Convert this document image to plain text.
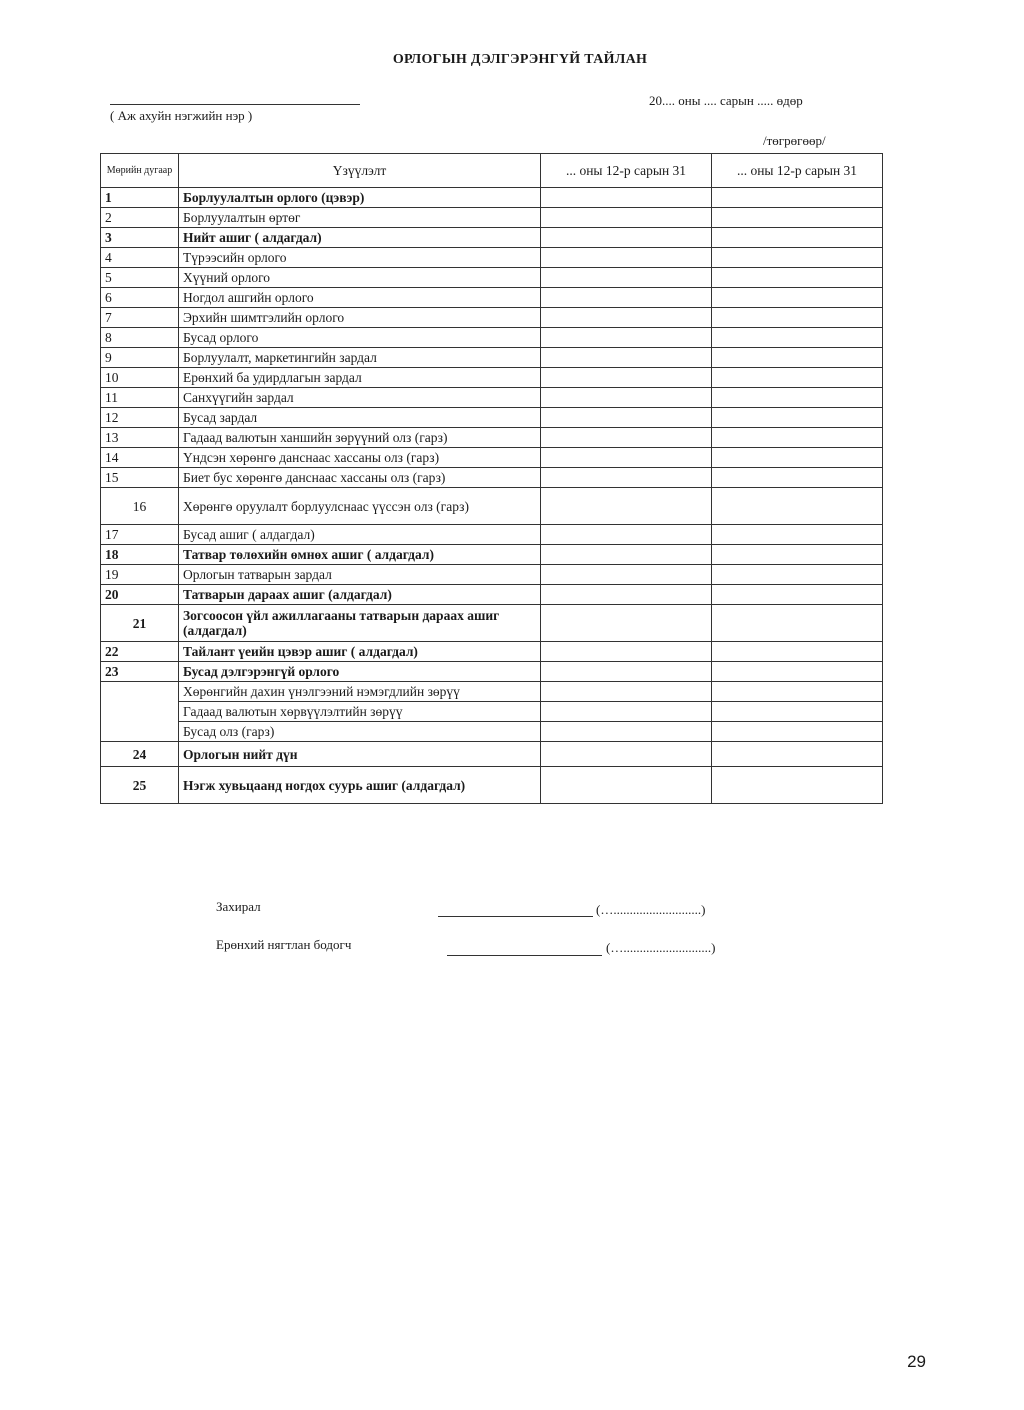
ОРЛОГЫН ДЭЛГЭРЭНГҮЙ ТАЙЛАН
( Аж ахуйн нэгжийн нэр )
20.... оны .... сарын ..... өдөр
/төгрөгөөр/
Мөрийн дугаар	Үзүүлэлт	... оны 12-р сарын 31	... оны 12-р сарын 31
1	Борлуулалтын орлого (цэвэр)		
2	Борлуулалтын өртөг		
3	Нийт ашиг ( алдагдал)		
4	Түрээсийн орлого		
5	Хүүний орлого		
6	Ногдол ашгийн орлого		
7	Эрхийн шимтгэлийн орлого		
8	Бусад орлого		
9	Борлуулалт, маркетингийн зардал		
10	Ерөнхий ба удирдлагын зардал		
11	Санхүүгийн зардал		
12	Бусад зардал		
13	Гадаад валютын ханшийн зөрүүний олз (гарз)		
14	Үндсэн хөрөнгө данснаас хассаны олз (гарз)		
15	Биет бус хөрөнгө данснаас хассаны олз (гарз)		
16	Хөрөнгө оруулалт борлуулснаас үүссэн олз (гарз)		
17	Бусад ашиг ( алдагдал)		
18	Татвар төлөхийн өмнөх ашиг ( алдагдал)		
19	Орлогын татварын зардал		
20	Татварын дараах ашиг (алдагдал)		
21	Зогсоосон үйл ажиллагааны татварын дараах ашиг (алдагдал)		
22	Тайлант үеийн цэвэр ашиг ( алдагдал)		
23	Бусад дэлгэрэнгүй орлого		
	Хөрөнгийн дахин үнэлгээний нэмэгдлийн зөрүү		
	Гадаад валютын хөрвүүлэлтийн зөрүү		
	Бусад олз (гарз)		
24	Орлогын нийт дүн		
25	Нэгж хувьцаанд ногдох суурь ашиг (алдагдал)		
Захирал	(…...........................)
Ерөнхий нягтлан бодогч	(…...........................)
29
